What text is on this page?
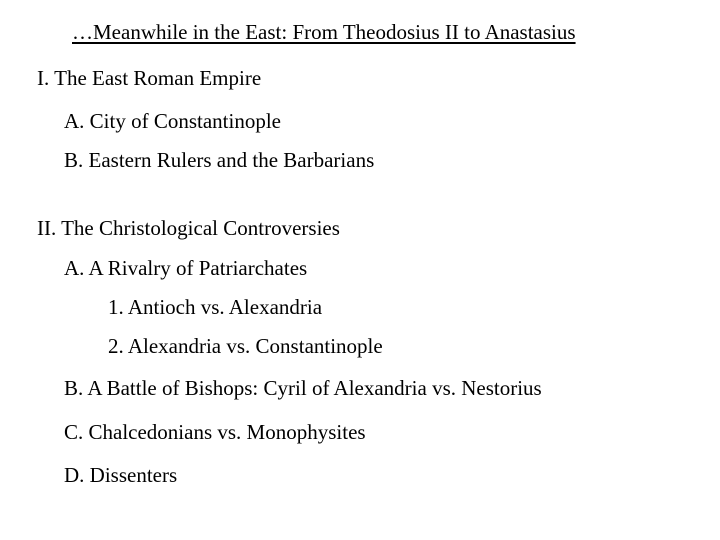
…Meanwhile in the East: From Theodosius II to Anastasius
I. The East Roman Empire
A. City of Constantinople
B. Eastern Rulers and the Barbarians
II. The Christological Controversies
A. A Rivalry of Patriarchates
1. Antioch vs. Alexandria
2. Alexandria vs. Constantinople
B. A Battle of Bishops: Cyril of Alexandria vs. Nestorius
C. Chalcedonians vs. Monophysites
D. Dissenters
